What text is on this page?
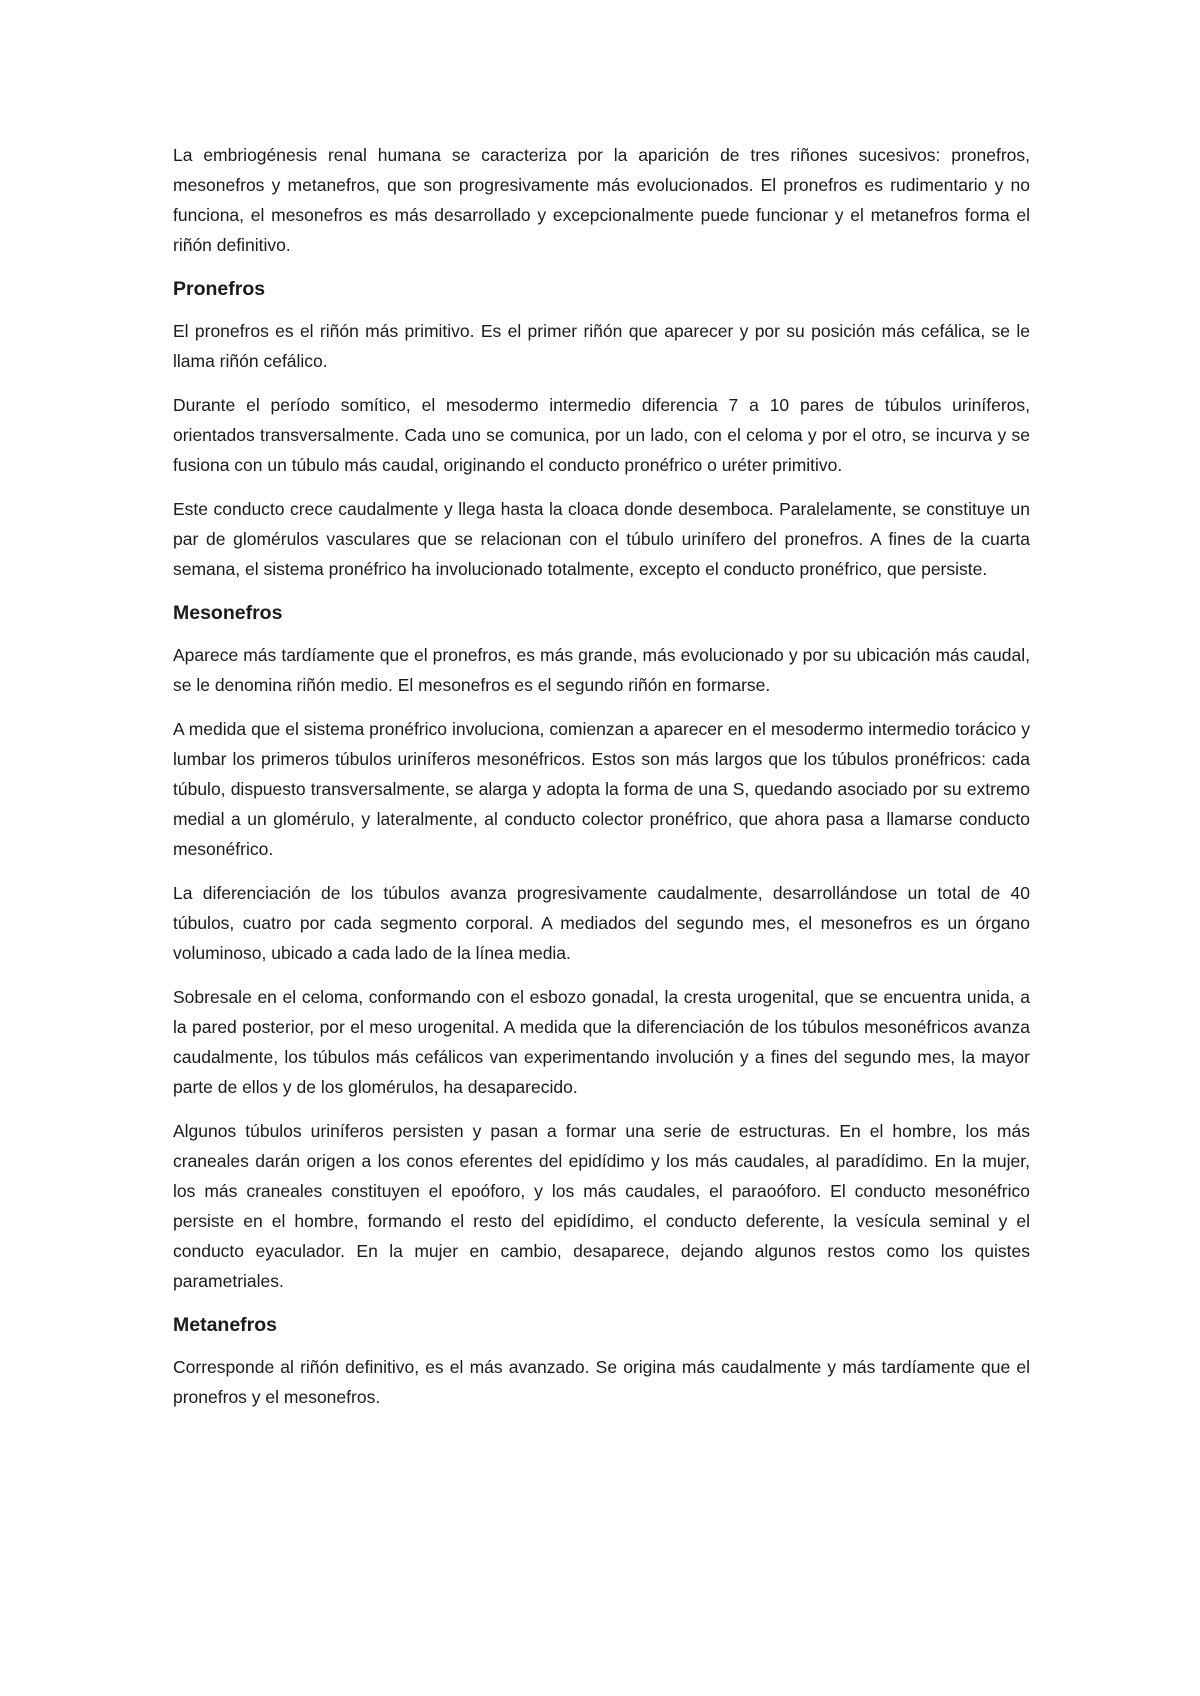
La embriogénesis renal humana se caracteriza por la aparición de tres riñones sucesivos: pronefros, mesonefros y metanefros, que son progresivamente más evolucionados. El pronefros es rudimentario y no funciona, el mesonefros es más desarrollado y excepcionalmente puede funcionar y el metanefros forma el riñón definitivo.

Pronefros

El pronefros es el riñón más primitivo. Es el primer riñón que aparecer y por su posición más cefálica, se le llama riñón cefálico.

Durante el período somítico, el mesodermo intermedio diferencia 7 a 10 pares de túbulos uriníferos, orientados transversalmente. Cada uno se comunica, por un lado, con el celoma y por el otro, se incurva y se fusiona con un túbulo más caudal, originando el conducto pronéfrico o uréter primitivo.

Este conducto crece caudalmente y llega hasta la cloaca donde desemboca. Paralelamente, se constituye un par de glomérulos vasculares que se relacionan con el túbulo urinífero del pronefros. A fines de la cuarta semana, el sistema pronéfrico ha involucionado totalmente, excepto el conducto pronéfrico, que persiste.

Mesonefros

Aparece más tardíamente que el pronefros, es más grande, más evolucionado y por su ubicación más caudal, se le denomina riñón medio. El mesonefros es el segundo riñón en formarse.

A medida que el sistema pronéfrico involuciona, comienzan a aparecer en el mesodermo intermedio torácico y lumbar los primeros túbulos uriníferos mesonéfricos. Estos son más largos que los túbulos pronéfricos: cada túbulo, dispuesto transversalmente, se alarga y adopta la forma de una S, quedando asociado por su extremo medial a un glomérulo, y lateralmente, al conducto colector pronéfrico, que ahora pasa a llamarse conducto mesonéfrico.

La diferenciación de los túbulos avanza progresivamente caudalmente, desarrollándose un total de 40 túbulos, cuatro por cada segmento corporal. A mediados del segundo mes, el mesonefros es un órgano voluminoso, ubicado a cada lado de la línea media.

Sobresale en el celoma, conformando con el esbozo gonadal, la cresta urogenital, que se encuentra unida, a la pared posterior, por el meso urogenital. A medida que la diferenciación de los túbulos mesonéfricos avanza caudalmente, los túbulos más cefálicos van experimentando involución y a fines del segundo mes, la mayor parte de ellos y de los glomérulos, ha desaparecido.

Algunos túbulos uriníferos persisten y pasan a formar una serie de estructuras. En el hombre, los más craneales darán origen a los conos eferentes del epidídimo y los más caudales, al paradídimo. En la mujer, los más craneales constituyen el epoóforo, y los más caudales, el paraoóforo. El conducto mesonéfrico persiste en el hombre, formando el resto del epidídimo, el conducto deferente, la vesícula seminal y el conducto eyaculador. En la mujer en cambio, desaparece, dejando algunos restos como los quistes parametriales.

Metanefros

Corresponde al riñón definitivo, es el más avanzado. Se origina más caudalmente y más tardíamente que el pronefros y el mesonefros.
